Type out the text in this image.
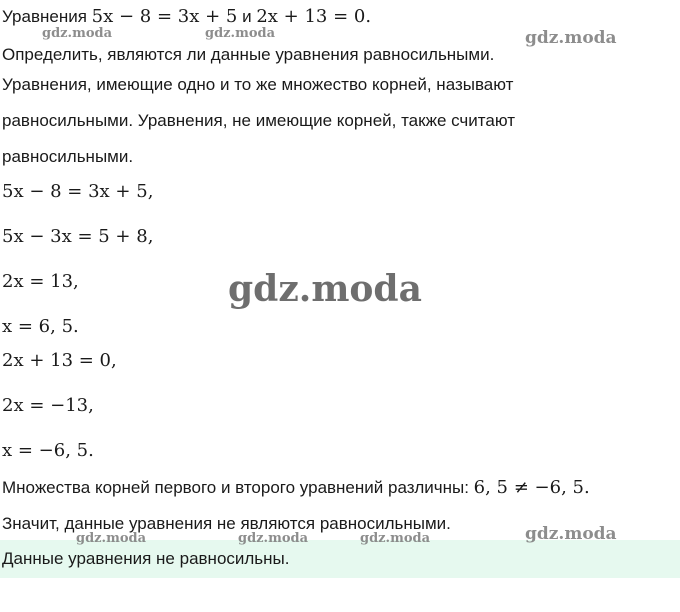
Уравнения 5x − 8 = 3x + 5 и 2x + 13 = 0.
Определить, являются ли данные уравнения равносильными.
Уравнения, имеющие одно и то же множество корней, называют
равносильными. Уравнения, не имеющие корней, также считают
равносильными.
5x − 8 = 3x + 5,
5x − 3x = 5 + 8,
2x = 13,
x = 6, 5.
2x + 13 = 0,
2x = −13,
x = −6, 5.
Множества корней первого и второго уравнений различны: 6, 5 ≠ −6, 5.
Значит, данные уравнения не являются равносильными.
Данные уравнения не равносильны.
gdz.moda	gdz.moda	gdz.moda
gdz.moda
gdz.moda	gdz.moda	gdz.moda	gdz.moda
